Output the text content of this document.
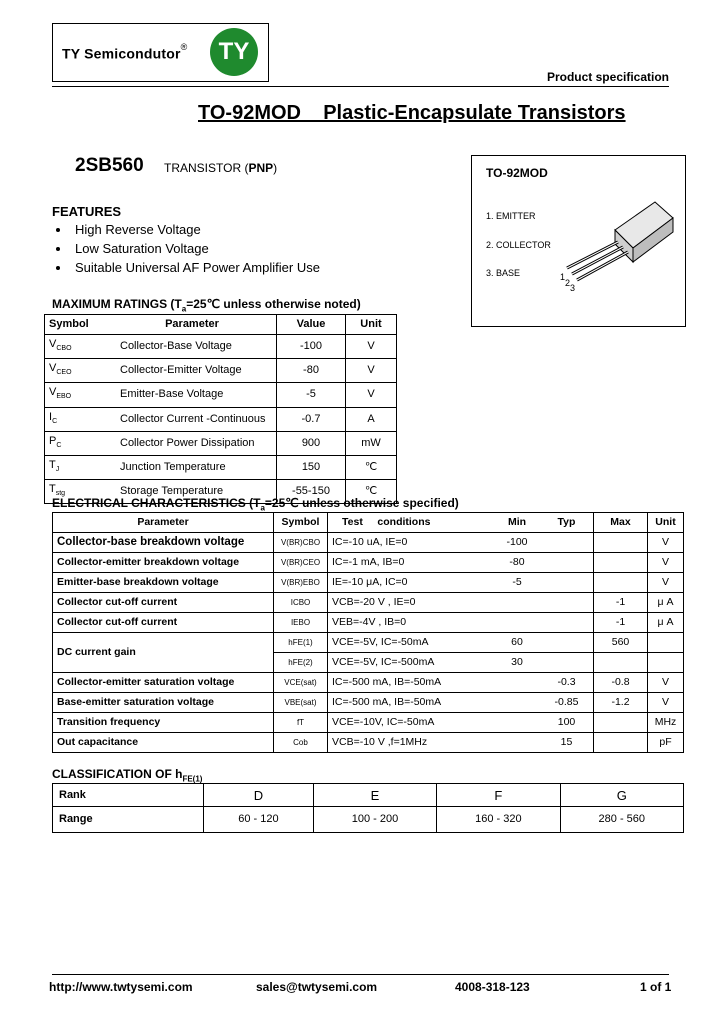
TY Semicondutor®	TY
Product specification
TO-92MOD    Plastic-Encapsulate Transistors
2SB560 TRANSISTOR (PNP)	TO-92MOD
1. EMITTER
2. COLLECTOR
3. BASE	1
2 3
FEATURES
High Reverse Voltage
Low Saturation Voltage
Suitable Universal AF Power Amplifier Use
MAXIMUM RATINGS ($T_a=25℃$ unless otherwise noted)
Symbol	Parameter	Value	Unit
$V_{CBO}$	Collector-Base Voltage	-100	V
$V_{CEO}$	Collector-Emitter Voltage	-80	V
$V_{EBO}$	Emitter-Base Voltage	-5	V
$I_C$	Collector Current -Continuous	-0.7	A
$P_C$	Collector Power Dissipation	900	mW
$T_J$	Junction Temperature	150	℃
$T_{stg}$	Storage Temperature	-55-150	℃
ELECTRICAL CHARACTERISTICS ($T_a=25℃$ unless otherwise specified)
Parameter	Symbol	Test     conditions	Min	Typ	Max	Unit
Collector-base breakdown voltage	V(BR)CBO	IC=-10 uA, IE=0	-100			V
Collector-emitter breakdown voltage	V(BR)CEO	IC=-1 mA, IB=0	-80			V
Emitter-base breakdown voltage	V(BR)EBO	IE=-10 μA, IC=0	-5			V
Collector cut-off current	ICBO	VCB=-20 V , IE=0			-1	μ A
Collector cut-off current	IEBO	VEB=-4V , IB=0			-1	μ A
DC current gain	hFE(1)	VCE=-5V, IC=-50mA	60		560	
	hFE(2)	VCE=-5V, IC=-500mA	30			
Collector-emitter saturation voltage	VCE(sat)	IC=-500 mA, IB=-50mA		-0.3	-0.8	V
Base-emitter saturation voltage	VBE(sat)	IC=-500 mA, IB=-50mA		-0.85	-1.2	V
Transition frequency	fT	VCE=-10V, IC=-50mA		100		MHz
Out capacitance	Cob	VCB=-10 V ,f=1MHz		15		pF
CLASSIFICATION OF $h_{FE(1)}$
Rank	D	E	F	G
Range	60 - 120	100 - 200	160 - 320	280 - 560
http://www.twtysemi.com	sales@twtysemi.com	4008-318-123	1 of 1
